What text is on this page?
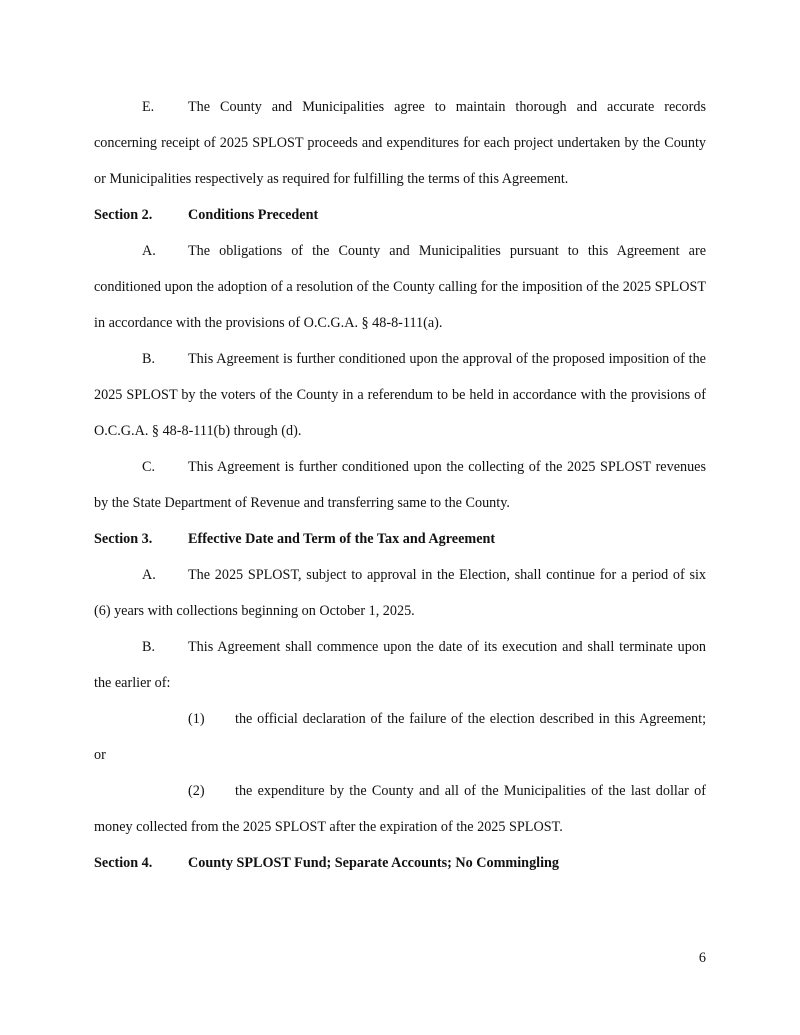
E. The County and Municipalities agree to maintain thorough and accurate records concerning receipt of 2025 SPLOST proceeds and expenditures for each project undertaken by the County or Municipalities respectively as required for fulfilling the terms of this Agreement.

Section 2.	Conditions Precedent

A. The obligations of the County and Municipalities pursuant to this Agreement are conditioned upon the adoption of a resolution of the County calling for the imposition of the 2025 SPLOST in accordance with the provisions of O.C.G.A. § 48-8-111(a).

B. This Agreement is further conditioned upon the approval of the proposed imposition of the 2025 SPLOST by the voters of the County in a referendum to be held in accordance with the provisions of O.C.G.A. § 48-8-111(b) through (d).

C. This Agreement is further conditioned upon the collecting of the 2025 SPLOST revenues by the State Department of Revenue and transferring same to the County.

Section 3.	Effective Date and Term of the Tax and Agreement

A. The 2025 SPLOST, subject to approval in the Election, shall continue for a period of six (6) years with collections beginning on October 1, 2025.

B. This Agreement shall commence upon the date of its execution and shall terminate upon the earlier of:

(1) the official declaration of the failure of the election described in this Agreement; or

(2) the expenditure by the County and all of the Municipalities of the last dollar of money collected from the 2025 SPLOST after the expiration of the 2025 SPLOST.

Section 4.	County SPLOST Fund; Separate Accounts; No Commingling

6
